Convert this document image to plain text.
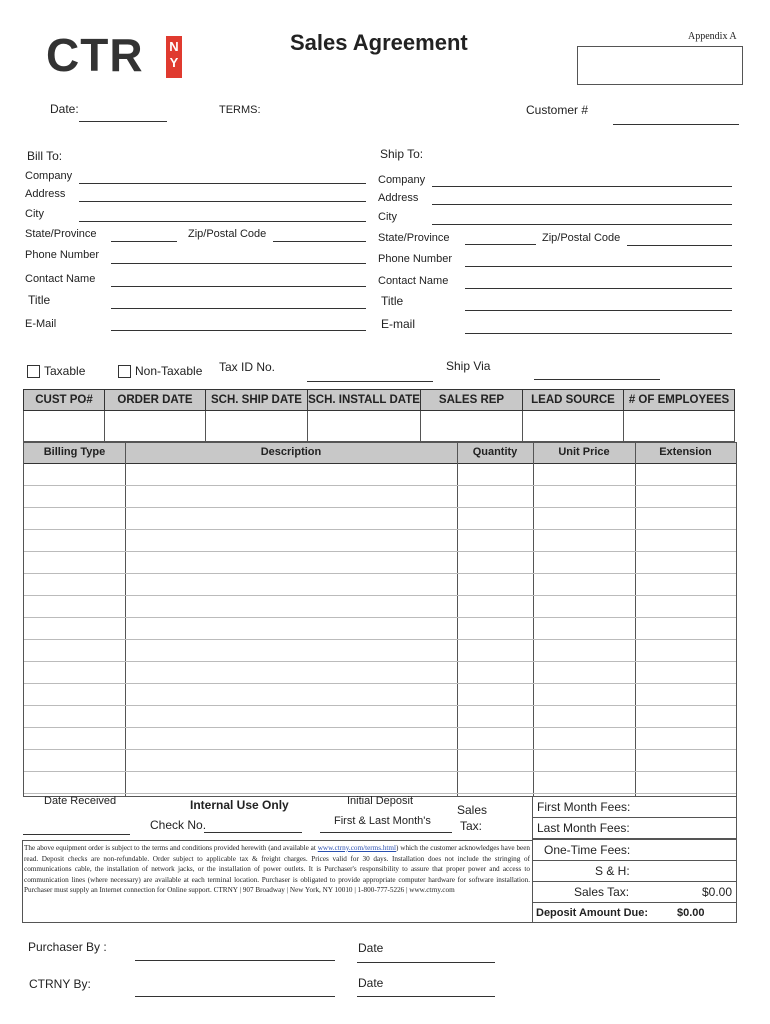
CTR N
Y
Sales Agreement	Appendix A
Date:	TERMS:	Customer #
Bill To:
Company
Address
City
State/Province	Zip/Postal Code
Phone Number
Contact Name
Title
E-Mail
Ship To:
Company
Address
City
State/Province	Zip/Postal Code
Phone Number
Contact Name
Title
E-mail
Taxable	Non-Taxable Tax ID No.	Ship Via
CUST PO#	ORDER DATE	SCH. SHIP DATE	SCH. INSTALL DATE	SALES REP	LEAD SOURCE	# OF EMPLOYEES

Billing Type	Description	Quantity	Unit Price	Extension
Date Received	Internal Use Only
Check No.
Initial Deposit
First & Last Month's
Sales
Tax:
The above equipment order is subject to the terms and conditions provided herewith (and available at www.ctrny.com/terms.html) which the customer acknowledges have been read. Deposit checks are non-refundable. Order subject to applicable tax & freight charges. Prices valid for 30 days. Installation does not include the stringing of communications cable, the installation of network jacks, or the installation of power outlets. It is Purchaser's responsibility to assure that proper power and access to communication lines (where necessary) are available at each terminal location. Purchaser is obligated to provide appropriate computer hardware for software installation. Purchaser must supply an Internet connection for Online support. CTRNY | 907 Broadway | New York, NY 10010 | 1-800-777-5226 | www.ctrny.com
First Month Fees:
Last Month Fees:
One-Time Fees:
S & H:
Sales Tax:	$0.00
Deposit Amount Due:	$0.00
Purchaser By :	Date
CTRNY By:	Date
